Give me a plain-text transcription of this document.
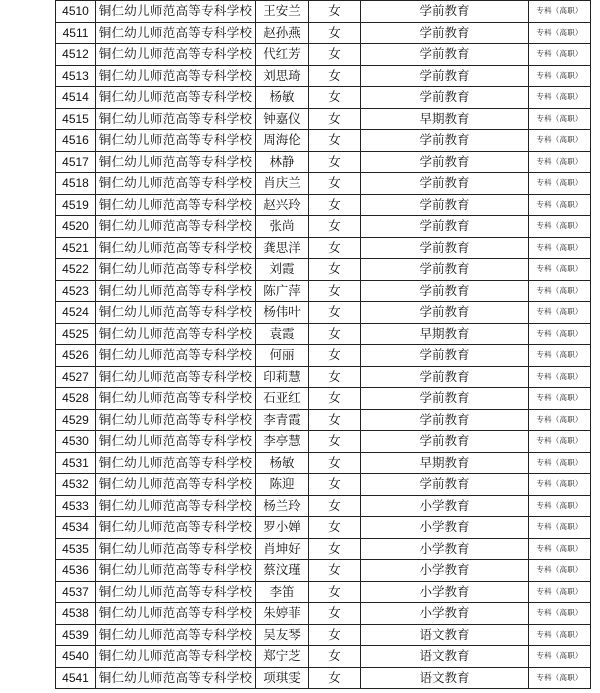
4510	铜仁幼儿师范高等专科学校	王安兰	女	学前教育	专科（高职）
4511	铜仁幼儿师范高等专科学校	赵孙燕	女	学前教育	专科（高职）
4512	铜仁幼儿师范高等专科学校	代红芳	女	学前教育	专科（高职）
4513	铜仁幼儿师范高等专科学校	刘思琦	女	学前教育	专科（高职）
4514	铜仁幼儿师范高等专科学校	杨敏	女	学前教育	专科（高职）
4515	铜仁幼儿师范高等专科学校	钟嘉仪	女	早期教育	专科（高职）
4516	铜仁幼儿师范高等专科学校	周海伦	女	学前教育	专科（高职）
4517	铜仁幼儿师范高等专科学校	林静	女	学前教育	专科（高职）
4518	铜仁幼儿师范高等专科学校	肖庆兰	女	学前教育	专科（高职）
4519	铜仁幼儿师范高等专科学校	赵兴玲	女	学前教育	专科（高职）
4520	铜仁幼儿师范高等专科学校	张尚	女	学前教育	专科（高职）
4521	铜仁幼儿师范高等专科学校	龚思洋	女	学前教育	专科（高职）
4522	铜仁幼儿师范高等专科学校	刘霞	女	学前教育	专科（高职）
4523	铜仁幼儿师范高等专科学校	陈广萍	女	学前教育	专科（高职）
4524	铜仁幼儿师范高等专科学校	杨伟叶	女	学前教育	专科（高职）
4525	铜仁幼儿师范高等专科学校	袁霞	女	早期教育	专科（高职）
4526	铜仁幼儿师范高等专科学校	何丽	女	学前教育	专科（高职）
4527	铜仁幼儿师范高等专科学校	印莉慧	女	学前教育	专科（高职）
4528	铜仁幼儿师范高等专科学校	石亚红	女	学前教育	专科（高职）
4529	铜仁幼儿师范高等专科学校	李青霞	女	学前教育	专科（高职）
4530	铜仁幼儿师范高等专科学校	李亭慧	女	学前教育	专科（高职）
4531	铜仁幼儿师范高等专科学校	杨敏	女	早期教育	专科（高职）
4532	铜仁幼儿师范高等专科学校	陈迎	女	学前教育	专科（高职）
4533	铜仁幼儿师范高等专科学校	杨兰玲	女	小学教育	专科（高职）
4534	铜仁幼儿师范高等专科学校	罗小婵	女	小学教育	专科（高职）
4535	铜仁幼儿师范高等专科学校	肖坤好	女	小学教育	专科（高职）
4536	铜仁幼儿师范高等专科学校	蔡汶瑾	女	小学教育	专科（高职）
4537	铜仁幼儿师范高等专科学校	李笛	女	小学教育	专科（高职）
4538	铜仁幼儿师范高等专科学校	朱婷菲	女	小学教育	专科（高职）
4539	铜仁幼儿师范高等专科学校	吴友琴	女	语文教育	专科（高职）
4540	铜仁幼儿师范高等专科学校	郑宁芝	女	语文教育	专科（高职）
4541	铜仁幼儿师范高等专科学校	项琪雯	女	语文教育	专科（高职）
